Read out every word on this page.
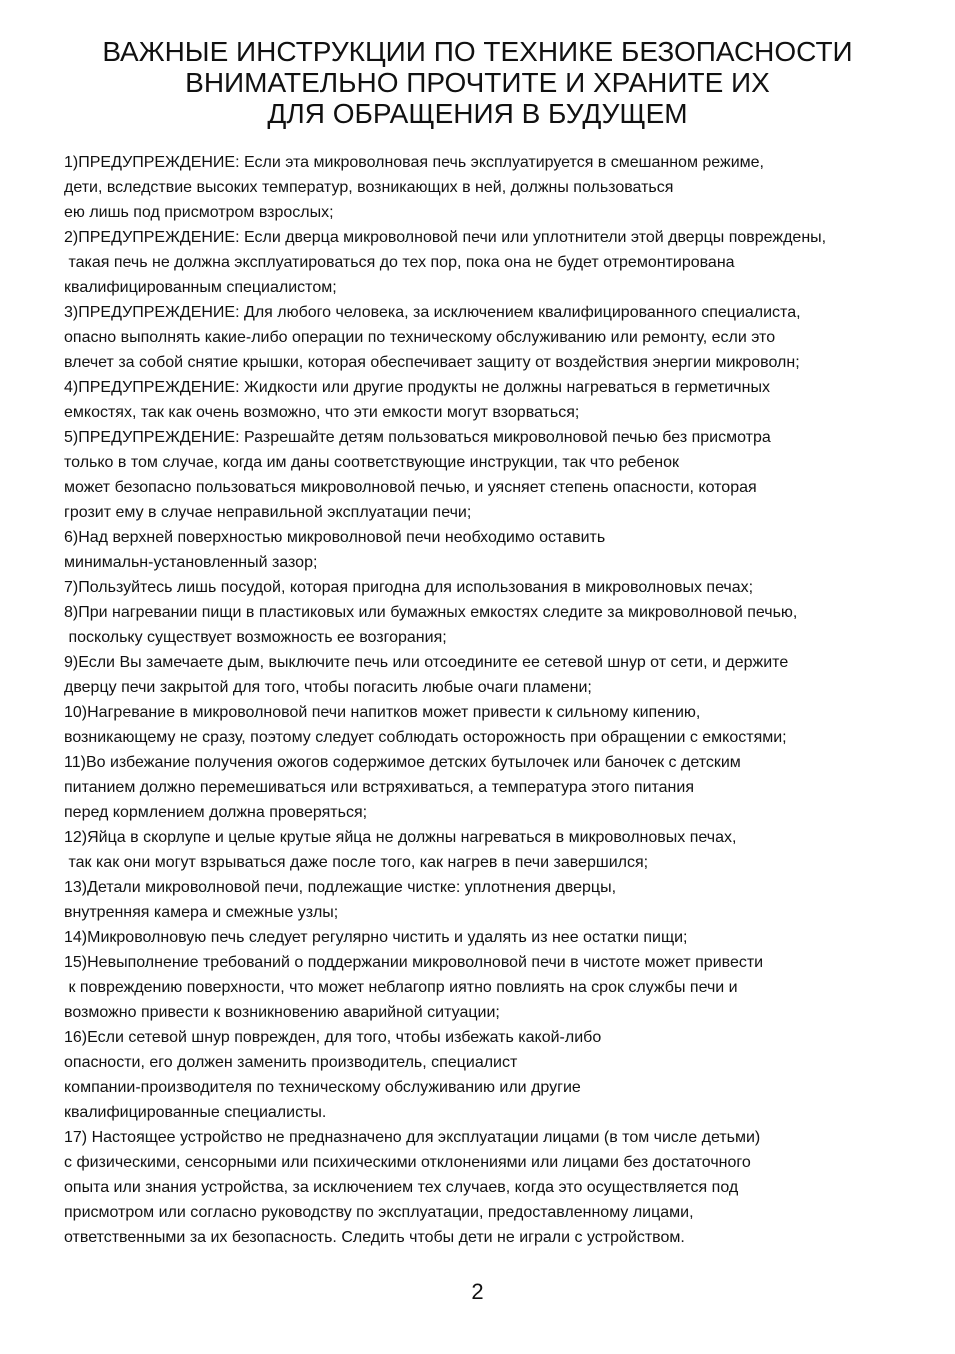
ВАЖНЫЕ ИНСТРУКЦИИ ПО ТЕХНИКЕ БЕЗОПАСНОСТИ
ВНИМАТЕЛЬНО ПРОЧТИТЕ И ХРАНИТЕ ИХ
ДЛЯ ОБРАЩЕНИЯ В БУДУЩЕМ
1)ПРЕДУПРЕЖДЕНИЕ: Если эта микроволновая печь эксплуатируется в смешанном режиме,
дети, вследствие высоких температур, возникающих в ней, должны пользоваться
ею лишь под присмотром взрослых;
2)ПРЕДУПРЕЖДЕНИЕ: Если дверца микроволновой печи или уплотнители этой дверцы повреждены,
такая печь не должна эксплуатироваться до тех пор, пока она не будет отремонтирована
квалифицированным специалистом;
3)ПРЕДУПРЕЖДЕНИЕ: Для любого человека, за исключением квалифицированного специалиста,
опасно выполнять какие-либо операции по техническому обслуживанию или ремонту, если это
влечет за собой снятие крышки, которая обеспечивает защиту от воздействия энергии микроволн;
4)ПРЕДУПРЕЖДЕНИЕ: Жидкости или другие продукты не должны нагреваться в герметичных
емкостях, так как очень возможно, что эти емкости могут взорваться;
5)ПРЕДУПРЕЖДЕНИЕ: Разрешайте детям пользоваться микроволновой печью без присмотра
только в том случае, когда им даны соответствующие инструкции, так что ребенок
может безопасно пользоваться микроволновой печью, и уясняет степень опасности, которая
грозит ему в случае неправильной эксплуатации печи;
6)Над верхней поверхностью микроволновой печи необходимо оставить
минимальн-установленный зазор;
7)Пользуйтесь лишь посудой, которая пригодна для использования в микроволновых печах;
8)При нагревании пищи в пластиковых или бумажных емкостях следите за микроволновой печью,
поскольку существует возможность ее возгорания;
9)Если Вы замечаете дым, выключите печь или отсоедините ее сетевой шнур от сети, и держите
дверцу печи закрытой для того, чтобы погасить любые очаги пламени;
10)Нагревание в микроволновой печи напитков может привести к сильному кипению,
возникающему не сразу, поэтому следует соблюдать осторожность при обращении с емкостями;
11)Во избежание получения ожогов содержимое детских бутылочек или баночек с детским
питанием должно перемешиваться или встряхиваться, а температура этого питания
перед кормлением должна проверяться;
12)Яйца в скорлупе и целые крутые яйца не должны нагреваться в микроволновых печах,
так как они могут взрываться даже после того, как нагрев в печи завершился;
13)Детали микроволновой печи, подлежащие чистке: уплотнения дверцы,
внутренняя камера и смежные узлы;
14)Микроволновую печь следует регулярно чистить и удалять из нее остатки пищи;
15)Невыполнение требований о поддержании микроволновой печи в чистоте может привести
к повреждению поверхности, что может неблагопр иятно повлиять на срок службы печи и
возможно привести к возникновению аварийной ситуации;
16)Если сетевой шнур поврежден, для того, чтобы избежать какой-либо
опасности, его должен заменить производитель, специалист
компании-производителя по техническому обслуживанию или другие
квалифицированные специалисты.
17) Настоящее устройство не предназначено для эксплуатации лицами (в том числе детьми)
с физическими, сенсорными или психическими отклонениями или лицами без достаточного
опыта или знания устройства, за исключением тех случаев, когда это осуществляется под
присмотром или согласно руководству по эксплуатации, предоставленному лицами,
ответственными за их безопасность. Следить чтобы дети не играли с устройством.
2
